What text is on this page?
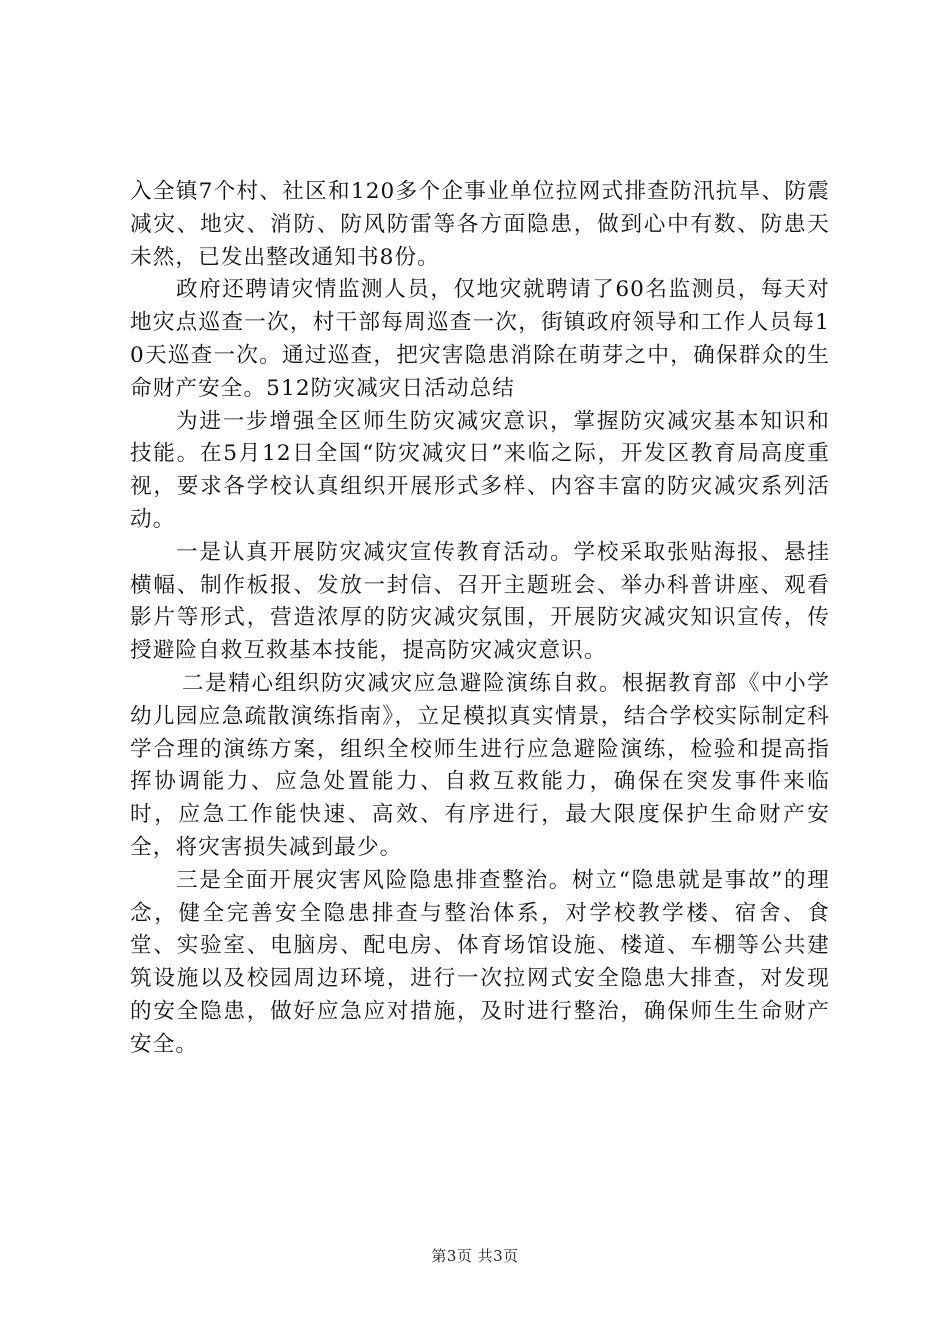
入全镇7个村、社区和120多个企事业单位拉网式排查防汛抗旱、防震减灾、地灾、消防、防风防雷等各方面隐患，做到心中有数、防患天未然，已发出整改通知书8份。

政府还聘请灾情监测人员，仅地灾就聘请了60名监测员，每天对地灾点巡查一次，村干部每周巡查一次，街镇政府领导和工作人员每10天巡查一次。通过巡查，把灾害隐患消除在萌芽之中，确保群众的生命财产安全。512防灾减灾日活动总结

为进一步增强全区师生防灾减灾意识，掌握防灾减灾基本知识和技能。在5月12日全国“防灾减灾日”来临之际，开发区教育局高度重视，要求各学校认真组织开展形式多样、内容丰富的防灾减灾系列活动。

一是认真开展防灾减灾宣传教育活动。学校采取张贴海报、悬挂横幅、制作板报、发放一封信、召开主题班会、举办科普讲座、观看影片等形式，营造浓厚的防灾减灾氛围，开展防灾减灾知识宣传，传授避险自救互救基本技能，提高防灾减灾意识。

二是精心组织防灾减灾应急避险演练自救。根据教育部《中小学幼儿园应急疏散演练指南》，立足模拟真实情景，结合学校实际制定科学合理的演练方案，组织全校师生进行应急避险演练，检验和提高指挥协调能力、应急处置能力、自救互救能力，确保在突发事件来临时，应急工作能快速、高效、有序进行，最大限度保护生命财产安全，将灾害损失减到最少。

三是全面开展灾害风险隐患排查整治。树立“隐患就是事故”的理念，健全完善安全隐患排查与整治体系，对学校教学楼、宿舍、食堂、实验室、电脑房、配电房、体育场馆设施、楼道、车棚等公共建筑设施以及校园周边环境，进行一次拉网式安全隐患大排查，对发现的安全隐患，做好应急应对措施，及时进行整治，确保师生生命财产安全。

第3页 共3页
